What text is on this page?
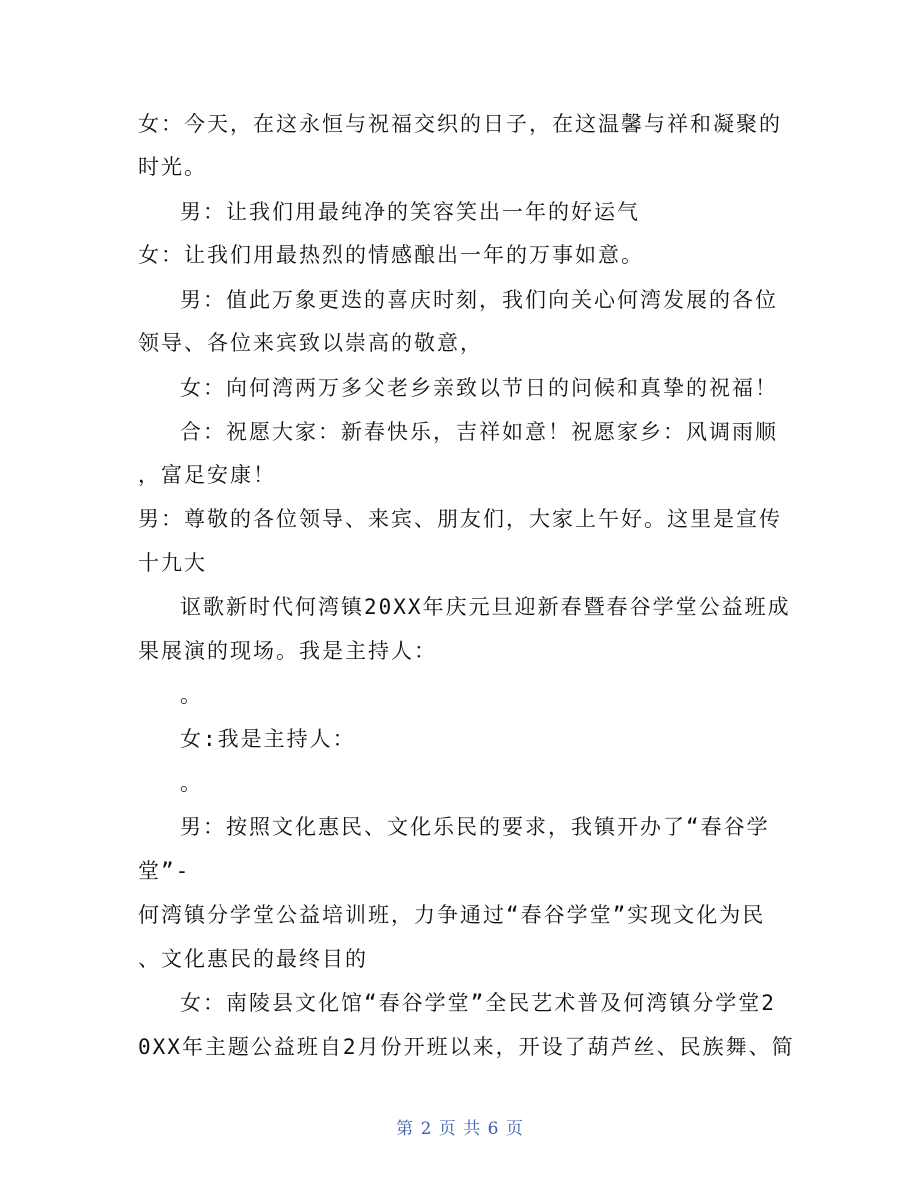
女：今天，在这永恒与祝福交织的日子，在这温馨与祥和凝聚的
时光。
男：让我们用最纯净的笑容笑出一年的好运气
女：让我们用最热烈的情感酿出一年的万事如意。
男：值此万象更迭的喜庆时刻，我们向关心何湾发展的各位
领导、各位来宾致以崇高的敬意，
女：向何湾两万多父老乡亲致以节日的问候和真挚的祝福！
合：祝愿大家：新春快乐，吉祥如意！祝愿家乡：风调雨顺
，富足安康！
男：尊敬的各位领导、来宾、朋友们，大家上午好。这里是宣传
十九大
讴歌新时代何湾镇20XX年庆元旦迎新春暨春谷学堂公益班成
果展演的现场。我是主持人：
。
女:我是主持人：
。
男：按照文化惠民、文化乐民的要求，我镇开办了“春谷学
堂”-
何湾镇分学堂公益培训班，力争通过“春谷学堂”实现文化为民
、文化惠民的最终目的
女：南陵县文化馆“春谷学堂”全民艺术普及何湾镇分学堂2
0XX年主题公益班自2月份开班以来，开设了葫芦丝、民族舞、简
第 2 页 共 6 页
